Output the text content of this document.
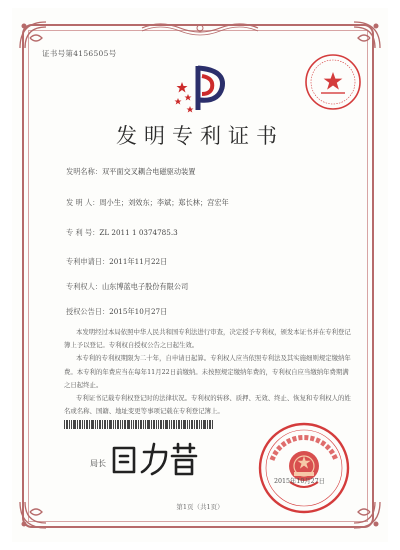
证书号第4156505号
发明专利证书
发明名称：双平面交叉耦合电磁驱动装置
发 明 人：周小生；刘效东；李斌；郑长林；宫宏年
专 利 号：ZL 2011 1 0374785.3
专利申请日：2011年11月22日
专利权人：山东博蓝电子股份有限公司
授权公告日：2015年10月27日

本发明经过本局依照中华人民共和国专利法进行审查，决定授予专利权，颁发本证书并在专利登记簿上予以登记。专利权自授权公告之日起生效。

本专利的专利权期限为二十年，自申请日起算。专利权人应当依照专利法及其实施细则规定缴纳年费。本专利的年费应当在每年11月22日前缴纳。未按照规定缴纳年费的，专利权自应当缴纳年费期满之日起终止。

专利证书记载专利权登记时的法律状况。专利权的转移、质押、无效、终止、恢复和专利权人的姓名或名称、国籍、地址变更等事项记载在专利登记簿上。

局长
2015年10月27日
第1页（共1页）
